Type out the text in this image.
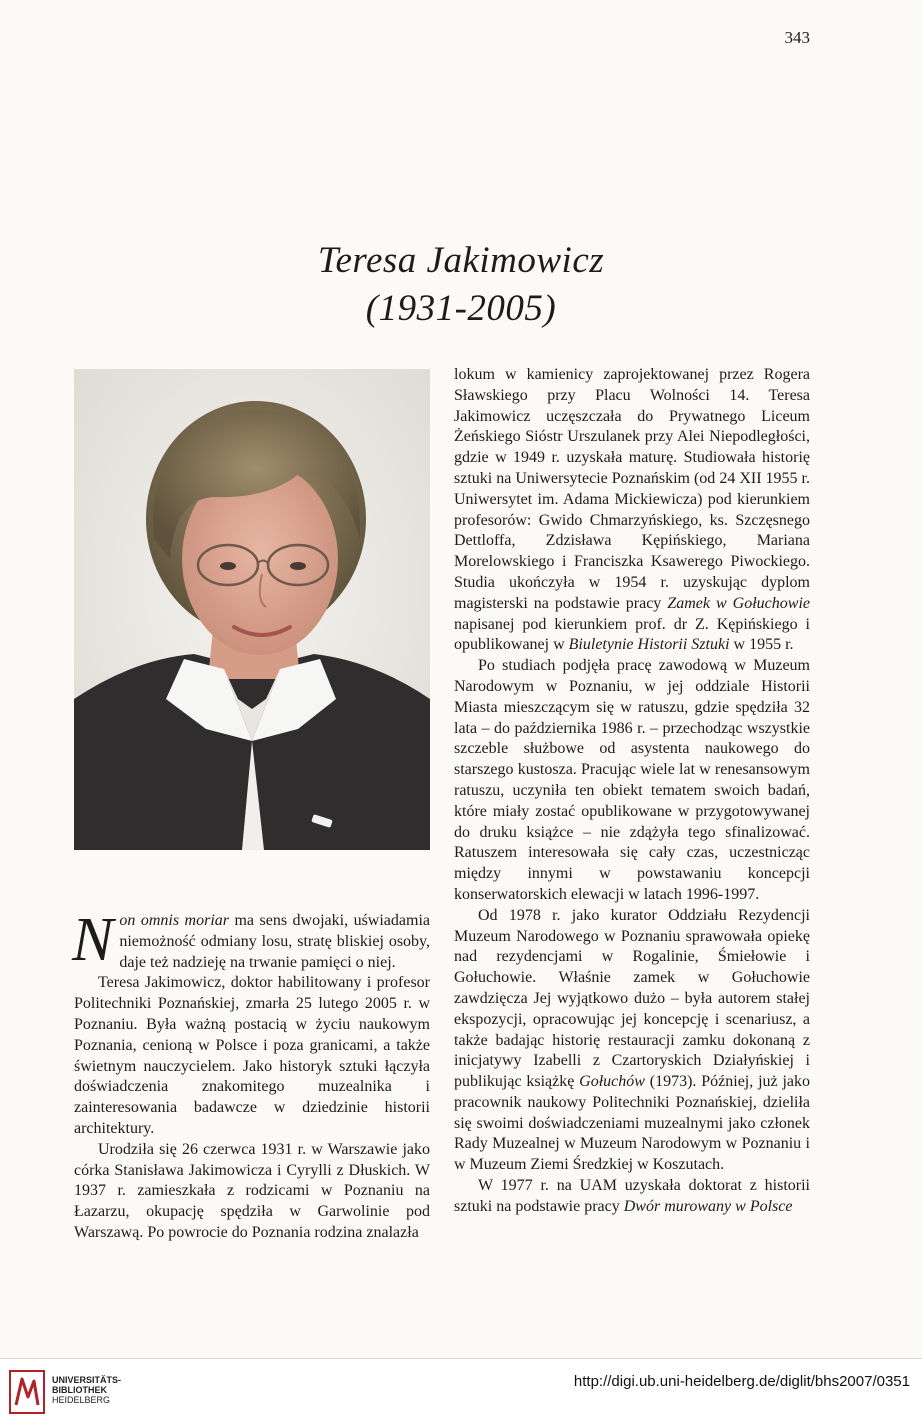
343
Teresa Jakimowicz
(1931-2005)

Non omnis moriar ma sens dwojaki, uświadamia niemożność odmiany losu, stratę bliskiej osoby, daje też nadzieję na trwanie pamięci o niej.

Teresa Jakimowicz, doktor habilitowany i profesor Politechniki Poznańskiej, zmarła 25 lutego 2005 r. w Poznaniu. Była ważną postacią w życiu naukowym Poznania, cenioną w Polsce i poza granicami, a także świetnym nauczycielem. Jako historyk sztuki łączyła doświadczenia znakomitego muzealnika i zainteresowania badawcze w dziedzinie historii architektury.

Urodziła się 26 czerwca 1931 r. w Warszawie jako córka Stanisława Jakimowicza i Cyrylli z Dłuskich. W 1937 r. zamieszkała z rodzicami w Poznaniu na Łazarzu, okupację spędziła w Garwolinie pod Warszawą. Po powrocie do Poznania rodzina znalazła

lokum w kamienicy zaprojektowanej przez Rogera Sławskiego przy Placu Wolności 14. Teresa Jakimowicz uczęszczała do Prywatnego Liceum Żeńskiego Sióstr Urszulanek przy Alei Niepodległości, gdzie w 1949 r. uzyskała maturę. Studiowała historię sztuki na Uniwersytecie Poznańskim (od 24 XII 1955 r. Uniwersytet im. Adama Mickiewicza) pod kierunkiem profesorów: Gwido Chmarzyńskiego, ks. Szczęsnego Dettloffa, Zdzisława Kępińskiego, Mariana Morelowskiego i Franciszka Ksawerego Piwockiego. Studia ukończyła w 1954 r. uzyskując dyplom magisterski na podstawie pracy Zamek w Gołuchowie napisanej pod kierunkiem prof. dr Z. Kępińskiego i opublikowanej w Biuletynie Historii Sztuki w 1955 r.

Po studiach podjęła pracę zawodową w Muzeum Narodowym w Poznaniu, w jej oddziale Historii Miasta mieszczącym się w ratuszu, gdzie spędziła 32 lata – do października 1986 r. – przechodząc wszystkie szczeble służbowe od asystenta naukowego do starszego kustosza. Pracując wiele lat w renesansowym ratuszu, uczyniła ten obiekt tematem swoich badań, które miały zostać opublikowane w przygotowywanej do druku książce – nie zdążyła tego sfinalizować. Ratuszem interesowała się cały czas, uczestnicząc między innymi w powstawaniu koncepcji konserwatorskich elewacji w latach 1996-1997.

Od 1978 r. jako kurator Oddziału Rezydencji Muzeum Narodowego w Poznaniu sprawowała opiekę nad rezydencjami w Rogalinie, Śmiełowie i Gołuchowie. Właśnie zamek w Gołuchowie zawdzięcza Jej wyjątkowo dużo – była autorem stałej ekspozycji, opracowując jej koncepcję i scenariusz, a także badając historię restauracji zamku dokonaną z inicjatywy Izabelli z Czartoryskich Działyńskiej i publikując książkę Gołuchów (1973). Później, już jako pracownik naukowy Politechniki Poznańskiej, dzieliła się swoimi doświadczeniami muzealnymi jako członek Rady Muzealnej w Muzeum Narodowym w Poznaniu i w Muzeum Ziemi Średzkiej w Koszutach.

W 1977 r. na UAM uzyskała doktorat z historii sztuki na podstawie pracy Dwór murowany w Polsce

UNIVERSITÄTS-
BIBLIOTHEK
HEIDELBERG
http://digi.ub.uni-heidelberg.de/diglit/bhs2007/0351
